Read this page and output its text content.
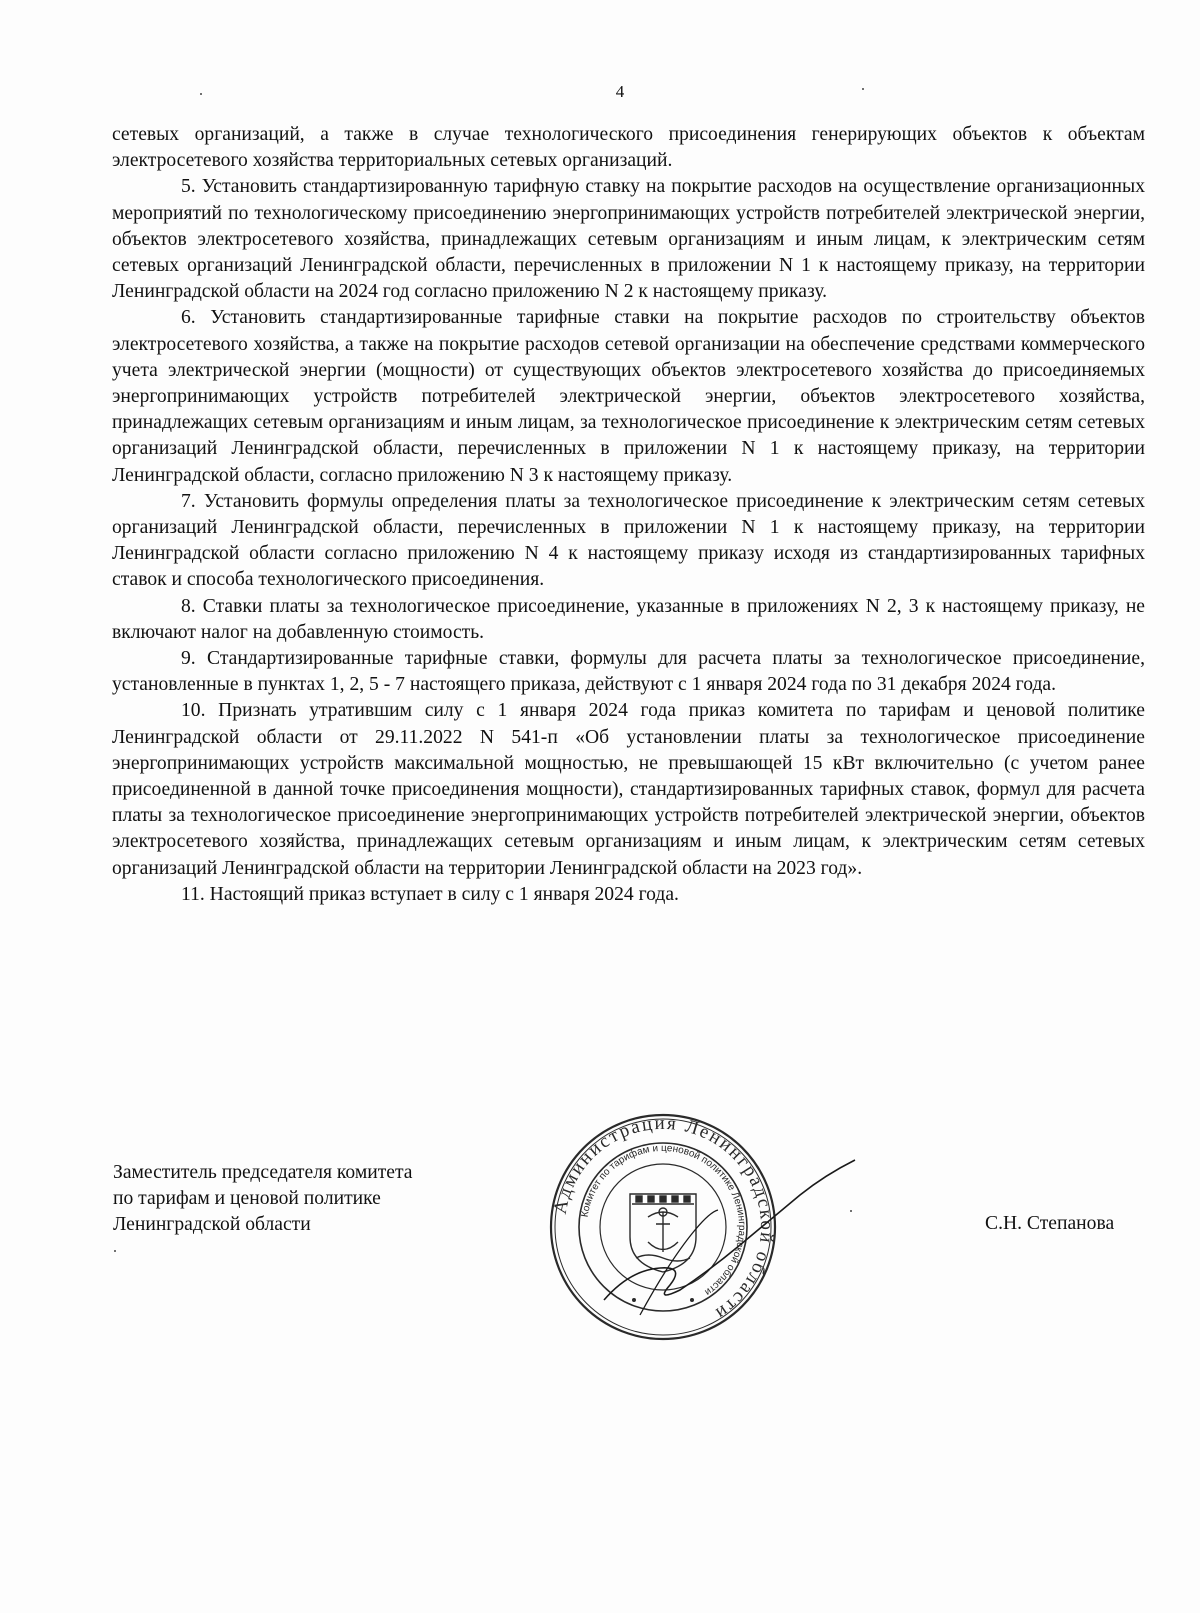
4

сетевых организаций, а также в случае технологического присоединения генерирующих объектов к объектам электросетевого хозяйства территориальных сетевых организаций.

5. Установить стандартизированную тарифную ставку на покрытие расходов на осуществление организационных мероприятий по технологическому присоединению энергопринимающих устройств потребителей электрической энергии, объектов электросетевого хозяйства, принадлежащих сетевым организациям и иным лицам, к электрическим сетям сетевых организаций Ленинградской области, перечисленных в приложении N 1 к настоящему приказу, на территории Ленинградской области на 2024 год согласно приложению N 2 к настоящему приказу.

6. Установить стандартизированные тарифные ставки на покрытие расходов по строительству объектов электросетевого хозяйства, а также на покрытие расходов сетевой организации на обеспечение средствами коммерческого учета электрической энергии (мощности) от существующих объектов электросетевого хозяйства до присоединяемых энергопринимающих устройств потребителей электрической энергии, объектов электросетевого хозяйства, принадлежащих сетевым организациям и иным лицам, за технологическое присоединение к электрическим сетям сетевых организаций Ленинградской области, перечисленных в приложении N 1 к настоящему приказу, на территории Ленинградской области, согласно приложению N 3 к настоящему приказу.

7. Установить формулы определения платы за технологическое присоединение к электрическим сетям сетевых организаций Ленинградской области, перечисленных в приложении N 1 к настоящему приказу, на территории Ленинградской области согласно приложению N 4 к настоящему приказу исходя из стандартизированных тарифных ставок и способа технологического присоединения.

8. Ставки платы за технологическое присоединение, указанные в приложениях N 2, 3 к настоящему приказу, не включают налог на добавленную стоимость.

9. Стандартизированные тарифные ставки, формулы для расчета платы за технологическое присоединение, установленные в пунктах 1, 2, 5 - 7 настоящего приказа, действуют с 1 января 2024 года по 31 декабря 2024 года.

10. Признать утратившим силу с 1 января 2024 года приказ комитета по тарифам и ценовой политике Ленинградской области от 29.11.2022 N 541-п «Об установлении платы за технологическое присоединение энергопринимающих устройств максимальной мощностью, не превышающей 15 кВт включительно (с учетом ранее присоединенной в данной точке присоединения мощности), стандартизированных тарифных ставок, формул для расчета платы за технологическое присоединение энергопринимающих устройств потребителей электрической энергии, объектов электросетевого хозяйства, принадлежащих сетевым организациям и иным лицам, к электрическим сетям сетевых организаций Ленинградской области на территории Ленинградской области на 2023 год».

11. Настоящий приказ вступает в силу с 1 января 2024 года.

Заместитель председателя комитета
по тарифам и ценовой политике
Ленинградской области	С.Н. Степанова
Администрация Ленинградской области
Комитет по тарифам и ценовой политике Ленинградской области
